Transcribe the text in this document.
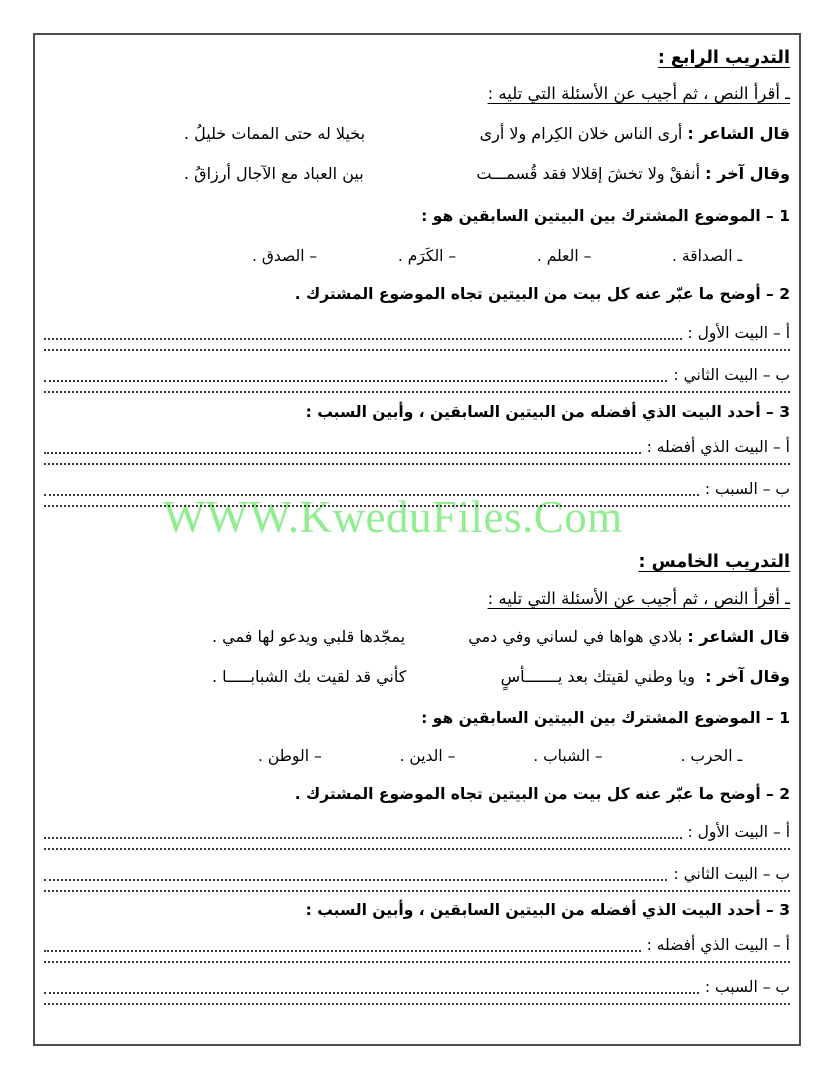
التدريب الرابع :
ـ أقرأ النص ، ثم أجيب عن الأسئلة التي تليه :
قال الشاعر : أرى الناس خلان الكِرام ولا أرى
بخيلا له حتى الممات خليلُ .
وقال آخر : أنفقْ ولا تخشَ إقلالا فقد قُسمـــت
بين العباد مع الآجال أرزاقُ .
1 – الموضوع المشترك بين البيتين السابقين هو :
ـ الصداقة .
– العلم .
– الكَرَم .
– الصدق .
2 – أوضح ما عبّر عنه كل بيت من البيتين تجاه الموضوع المشترك .
أ – البيت الأول :
ب – البيت الثاني :
3 – أحدد البيت الذي أفضله من البيتين السابقين ، وأبين السبب :
أ – البيت الذي أفضله :
ب – السبب :
التدريب الخامس :
ـ أقرأ النص ، ثم أجيب عن الأسئلة التي تليه :
قال الشاعر : بلادي هواها في لساني وفي دمي
يمجّدها قلبي ويدعو لها فمي .
وقال آخر :  ويا وطني لقيتك بعد يـــــــأسٍ
كأني قد لقيت بك الشبابـــــا .
1 – الموضوع المشترك بين البيتين السابقين هو :
ـ الحرب .
– الشباب .
– الدين .
– الوطن .
2 – أوضح ما عبّر عنه كل بيت من البيتين تجاه الموضوع المشترك .
أ – البيت الأول :
ب – البيت الثاني :
3 – أحدد البيت الذي أفضله من البيتين السابقين ، وأبين السبب :
أ – البيت الذي أفضله :
ب – السبب :
WWW.KweduFiles.Com
